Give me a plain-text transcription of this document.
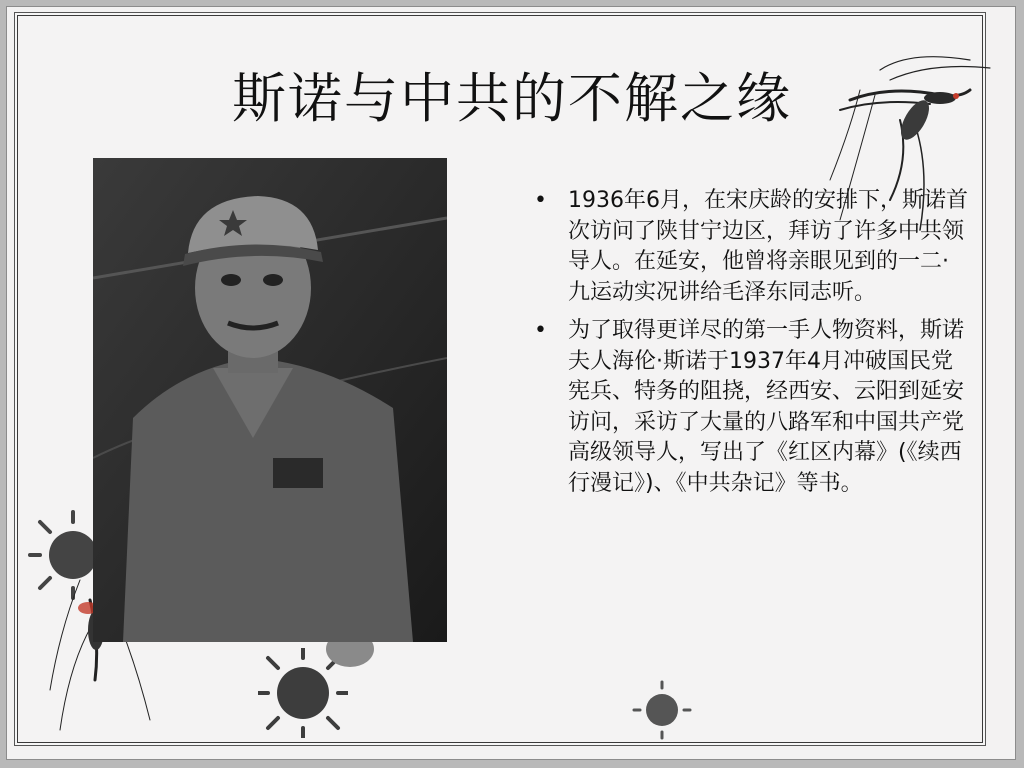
斯诺与中共的不解之缘
• 1936年6月，在宋庆龄的安排下，斯诺首次访问了陕甘宁边区，拜访了许多中共领导人。在延安，他曾将亲眼见到的一二·九运动实况讲给毛泽东同志听。
• 为了取得更详尽的第一手人物资料，斯诺夫人海伦·斯诺于1937年4月冲破国民党宪兵、特务的阻挠，经西安、云阳到延安访问，采访了大量的八路军和中国共产党高级领导人，写出了《红区内幕》(《续西行漫记》)、《中共杂记》等书。
